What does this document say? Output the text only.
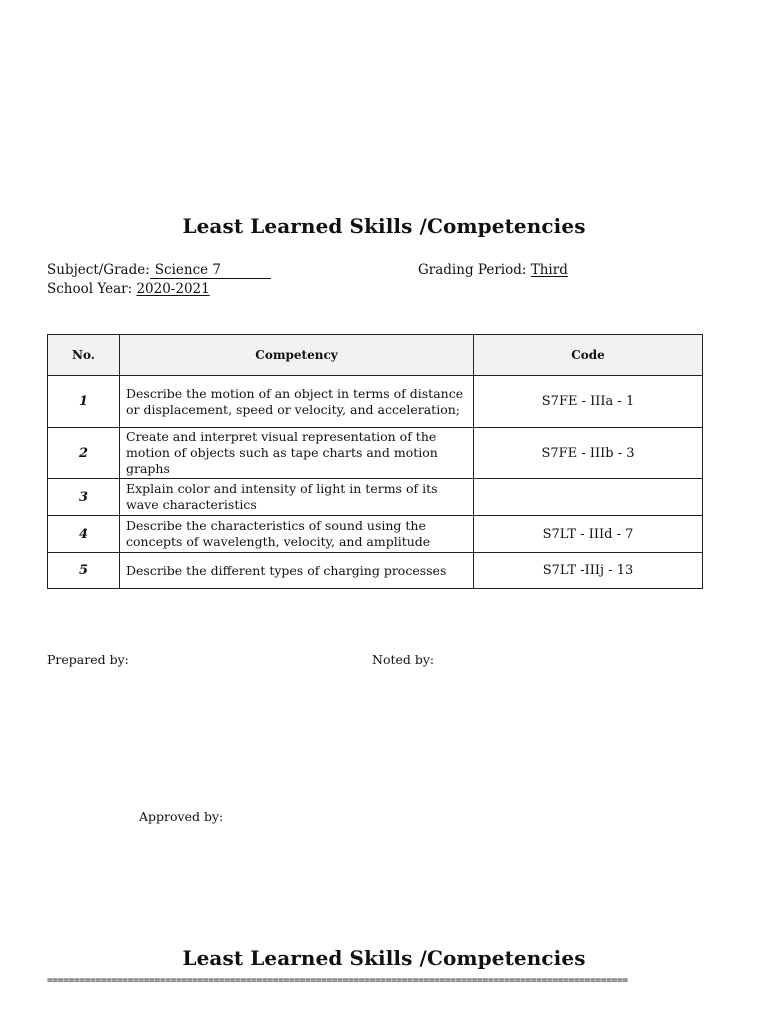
Least Learned Skills /Competencies
Subject/Grade: Science 7	Grading Period: Third
School Year: 2020-2021
No.	Competency	Code
1	Describe the motion of an object in terms of distance or displacement, speed or velocity, and acceleration;	S7FE - IIIa - 1
2	Create and interpret visual representation of the motion of objects such as tape charts and motion graphs	S7FE - IIIb - 3
3	Explain color and intensity of light in terms of its wave characteristics	
4	Describe the characteristics of sound using the concepts of wavelength, velocity, and amplitude	S7LT - IIId - 7
5	Describe the different types of charging processes	S7LT -IIIj - 13
Prepared by:	Noted by:
Approved by:
Least Learned Skills /Competencies
============================================================================================================
